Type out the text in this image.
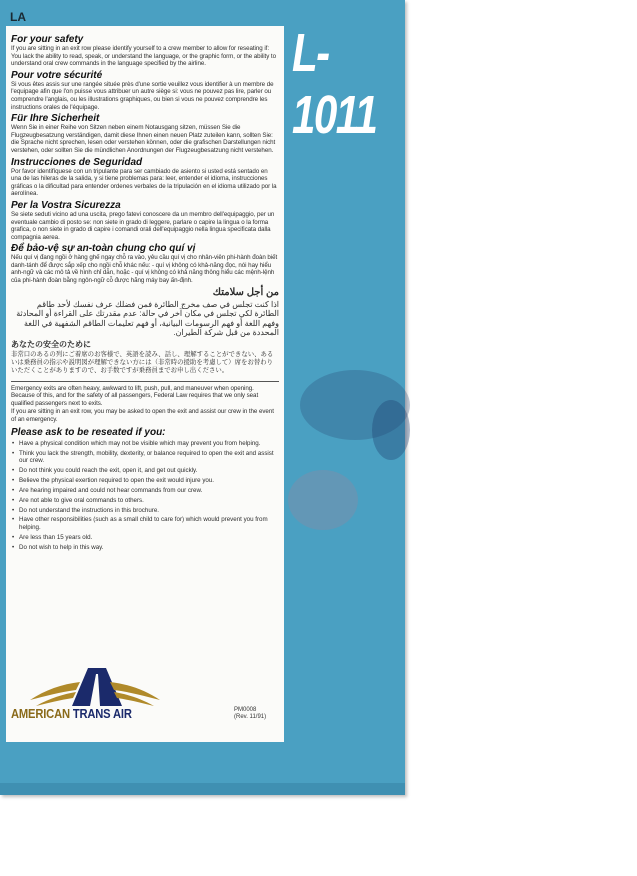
LA
L-1011
For your safety
If you are sitting in an exit row please identify yourself to a crew member to allow for reseating if: You lack the ability to read, speak, or understand the language, or the graphic form, or the ability to understand oral crew commands in the language specified by the airline.
Pour votre sécurité
Si vous êtes assis sur une rangée située près d'une sortie veuillez vous identifier à un membre de l'equipage afin que l'on puisse vous attribuer un autre siège si: vous ne pouvez pas lire, parler ou comprendre l'anglais, ou les illustrations graphiques, ou bien si vous ne pouvez comprendre les instructions orales de l'équipage.
Für Ihre Sicherheit
Wenn Sie in einer Reihe von Sitzen neben einem Notausgang sitzen, müssen Sie die Flugzeugbesatzung verständigen, damit diese Ihnen einen neuen Platz zuteilen kann, sollten Sie: die Sprache nicht sprechen, lesen oder verstehen können, oder die grafischen Darstellungen nicht verstehen, oder sollten Sie die mündlichen Anordnungen der Flugzeugbesatzung nicht verstehen.
Instrucciones de Seguridad
Por favor identifíquese con un tripulante para ser cambiado de asiento si usted está sentado en una de las hileras de la salida, y si tiene problemas para: leer, entender el idioma, instrucciones gráficas o la dificultad para entender ordenes verbales de la tripulación en el idioma utilizado por la aerolínea.
Per la Vostra Sicurezza
Se siete seduti vicino ad una uscita, prego fatevi conoscere da un membro dell'equipaggio, per un eventuale cambio di posto se: non siete in grado di leggere, parlare o capire la lingua o la forma grafica, o non siete in grado di capire i comandi orali dell'equipaggio nella lingua specificata dalla compagnia aerea.
Để bảo-vệ sự an-toàn chung cho quí vị
Nếu quí vị đang ngồi ở hàng ghế ngay chỗ ra vào, yêu cầu quí vị cho nhân-viên phi-hành đoàn biết danh-tánh để được sắp xếp cho ngồi chỗ khác nếu: - quí vị không có khả-năng đọc, nói hay hiểu anh-ngữ và các mô tả về hình chỉ dẫn, hoặc - quí vị không có khả năng thông hiểu các mệnh-lệnh của phi-hành đoàn bằng ngôn-ngữ cỗ được hãng máy bay ấn-định.
من أجل سلامتك
اذا كنت تجلس في صف مخرج الطائرة فمن فضلك عرف نفسك لأحد طاقم الطائرة لكي تجلس في مكان آخر في حالة: عدم مقدرتك على القراءة أو المحادثة وفهم اللغة أو فهم الرسومات البيانية، أو فهم تعليمات الطاقم الشفهية في اللغة المحددة من قبل شركة الطيران.
あなたの安全のために
非常口のあるの列にご着席のお客様で、英語を読み、話し、理解することができない、あるいは乗務員の指示や説明図が理解できない方には（非常時の援助を考慮して）席をお替わりいただくことがありますので、お手数ですが乗務員までお申し出ください。
Emergency exits are often heavy, awkward to lift, push, pull, and maneuver when opening. Because of this, and for the safety of all passengers, Federal Law requires that we only seat qualified passengers next to exits.
If you are sitting in an exit row, you may be asked to open the exit and assist our crew in the event of an emergency.
Please ask to be reseated if you:
• Have a physical condition which may not be visible which may prevent you from helping.
• Think you lack the strength, mobility, dexterity, or balance required to open the exit and assist our crew.
• Do not think you could reach the exit, open it, and get out quickly.
• Believe the physical exertion required to open the exit would injure you.
• Are hearing impaired and could not hear commands from our crew.
• Are not able to give oral commands to others.
• Do not understand the instructions in this brochure.
• Have other responsibilities (such as a small child to care for) which would prevent you from helping.
• Are less than 15 years old.
• Do not wish to help in this way.
AMERICAN TRANS AIR	PM0008
(Rev. 11/91)
